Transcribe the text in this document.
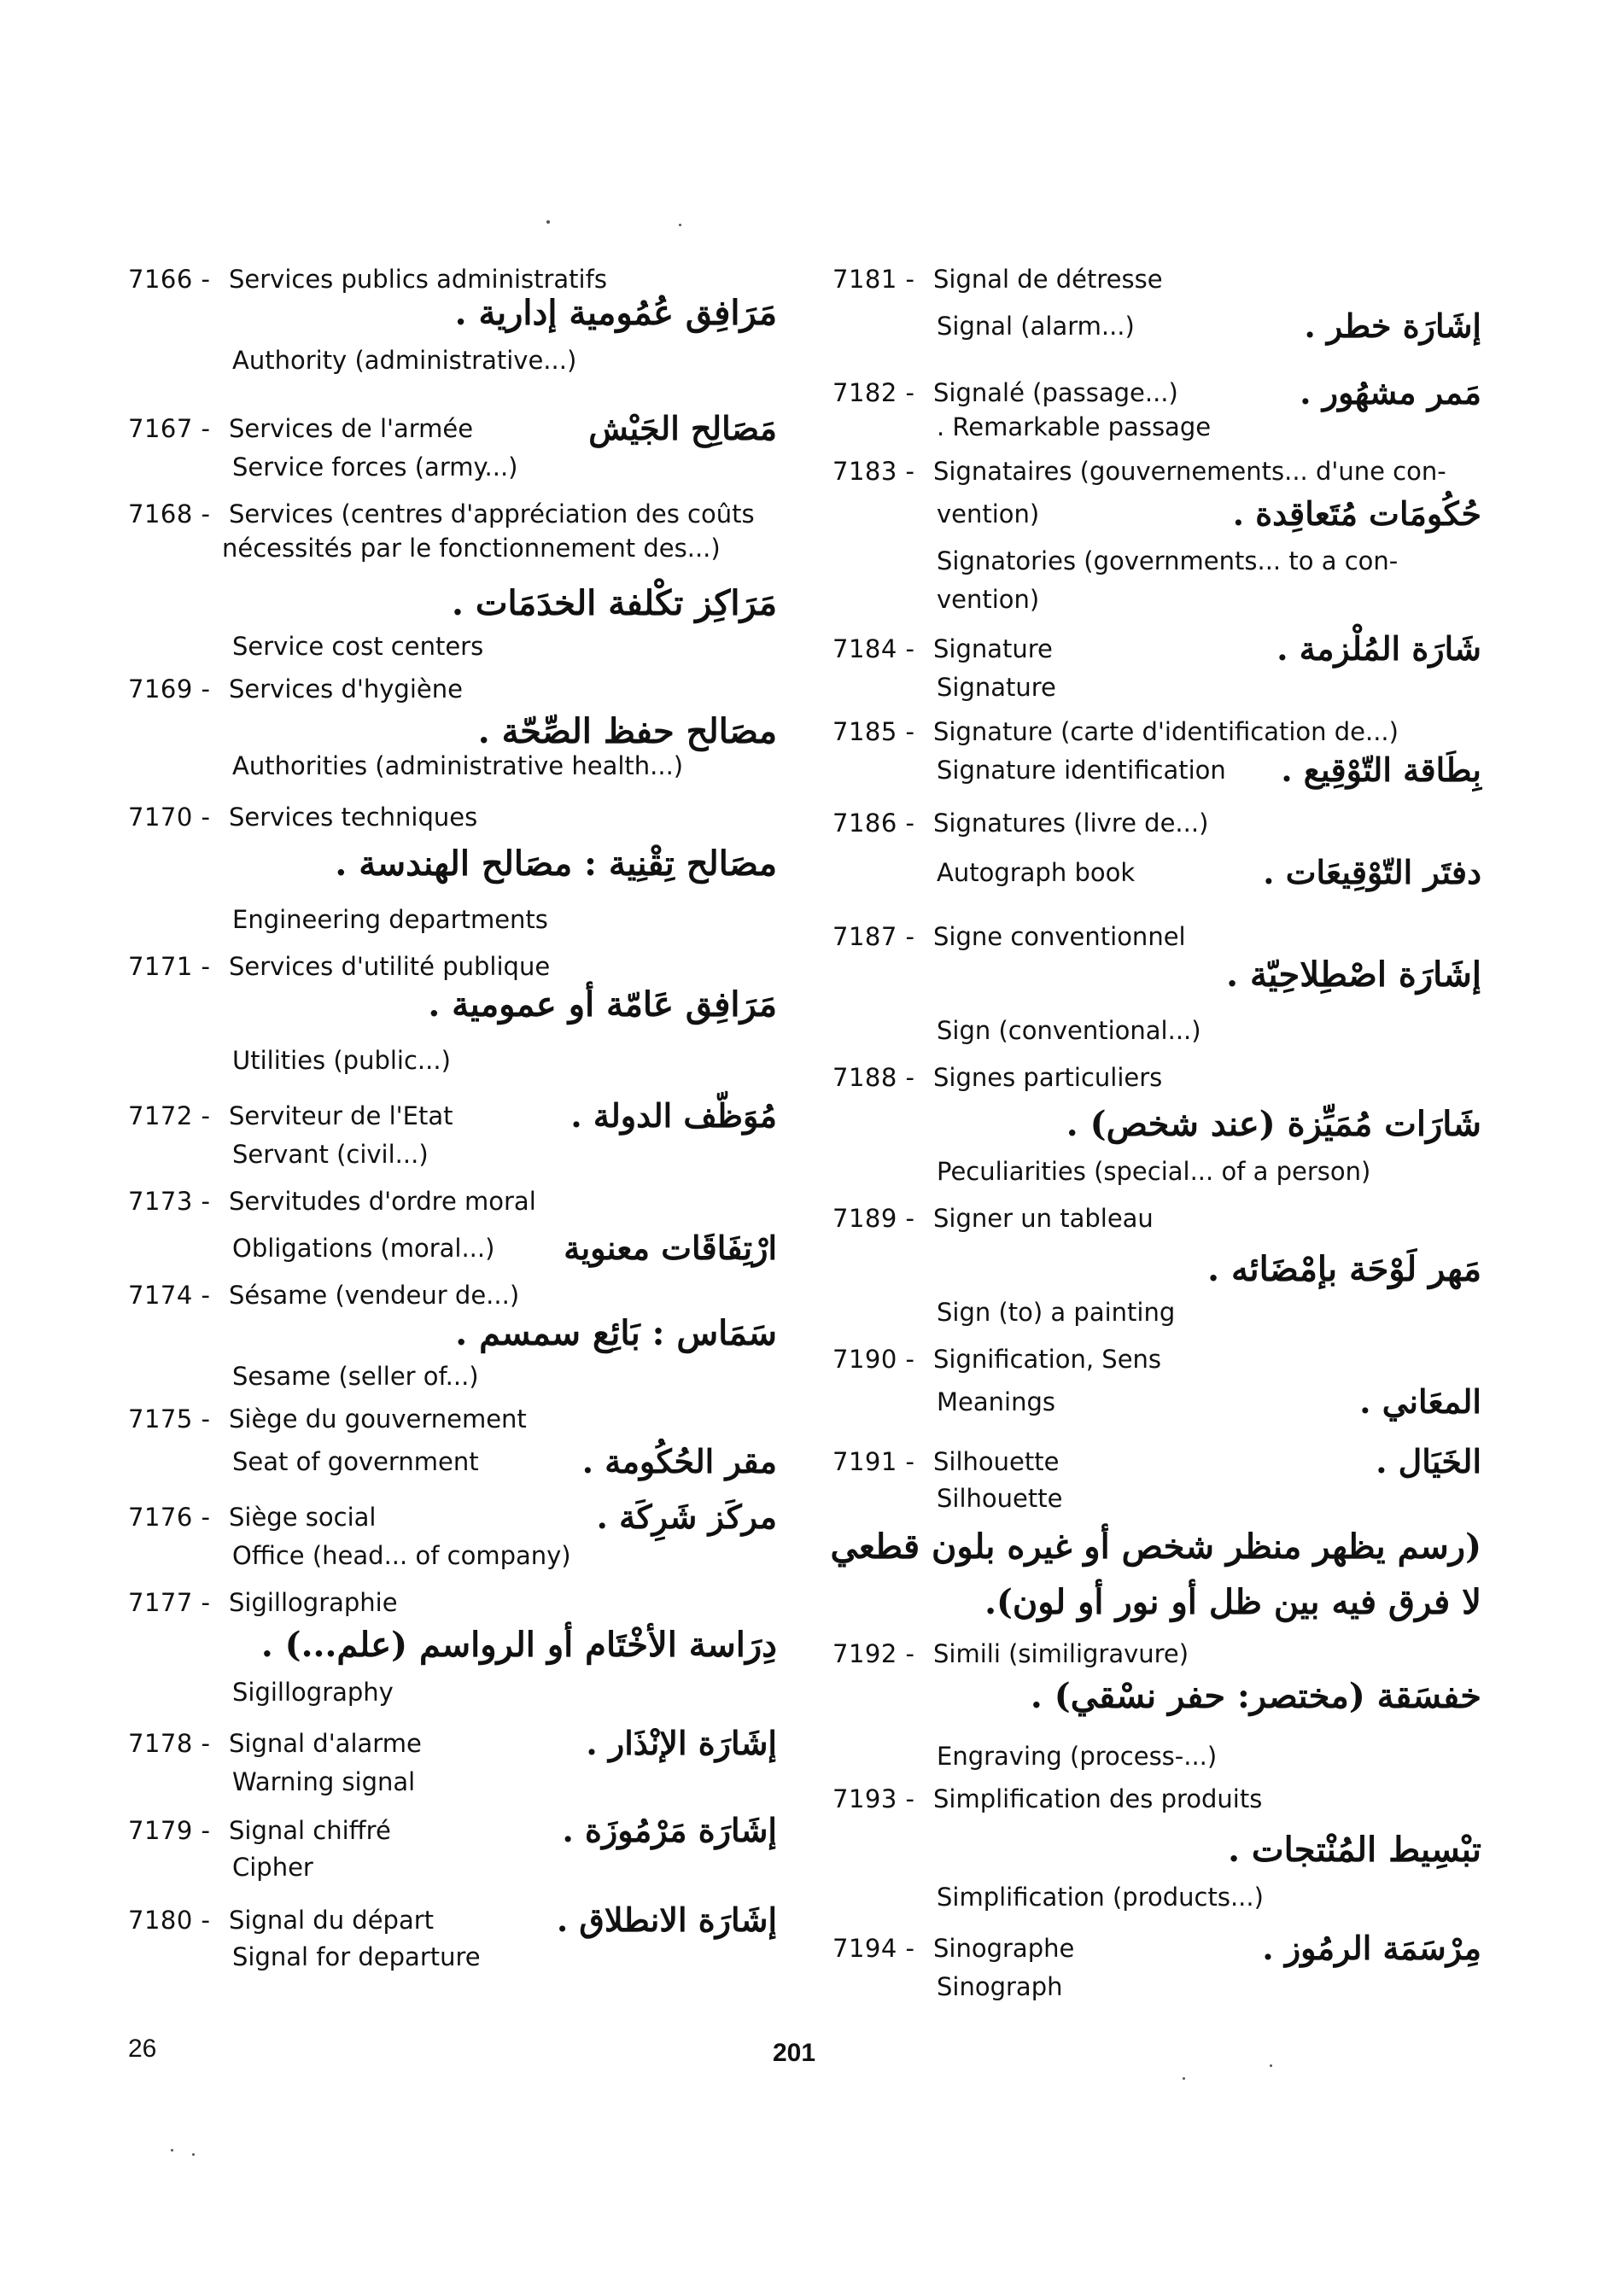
7166 - Services publics administratifs
مَرَافِق عُمُومية إدارية .
Authority (administrative...)
7167 - Services de l'armée	مَصَالِح الجَيْش
Service forces (army...)
7168 - Services (centres d'appréciation des coûts
nécessités par le fonctionnement des...)
مَرَاكِز تكْلفة الخدَمَات .
Service cost centers
7169 - Services d'hygiène
مصَالح حفظ الصِّحّة .
Authorities (administrative health...)
7170 - Services techniques
مصَالح تِقْنِية : مصَالح الهندسة .
Engineering departments
7171 - Services d'utilité publique
مَرَافِق عَامّة أو عمومية .
Utilities (public...)
7172 - Serviteur de l'Etat	مُوَظّف الدولة .
Servant (civil...)
7173 - Servitudes d'ordre moral
Obligations (moral...) ارْتِفَاقَات معنوية
7174 - Sésame (vendeur de...)
سَمَاس : بَائِع سمسم .
Sesame (seller of...)
7175 - Siège du gouvernement
Seat of government	مقر الحُكُومة .
7176 - Siège social	مركَز شَرِكَة .
Office (head... of company)
7177 - Sigillographie
دِرَاسة الأخْتَام أو الرواسم (علم...) .
Sigillography
7178 - Signal d'alarme	إشَارَة الإنْذَار .
Warning signal
7179 - Signal chiffré	إشَارَة مَرْمُوزَة .
Cipher
7180 - Signal du départ	إشَارَة الانطلاق .
Signal for departure
7181 - Signal de détresse
Signal (alarm...)	إشَارَة خطر .
7182 - Signalé (passage...)	مَمر مشهُور .
. Remarkable passage
7183 - Signataires (gouvernements... d'une con-
vention)	حُكُومَات مُتَعاقِدة .
Signatories (governments... to a con-
vention)
7184 - Signature	شَارَة المُلْزمة .
Signature
7185 - Signature (carte d'identification de...)
Signature identification بِطَاقة التّوْقِيع .
7186 - Signatures (livre de...)
Autograph book	دفتَر التّوْقِيعَات .
7187 - Signe conventionnel
إشَارَة اصْطِلاحِيّة .
Sign (conventional...)
7188 - Signes particuliers
شَارَات مُمَيِّزة (عند شخص) .
Peculiarities (special... of a person)
7189 - Signer un tableau
مَهر لَوْحَة بإمْضَائه .
Sign (to) a painting
7190 - Signification, Sens
Meanings	المعَاني .
7191 - Silhouette	الخَيَال .
Silhouette
(رسم يظهر منظر شخص أو غيره بلون قطعي
لا فرق فيه بين ظل أو نور أو لون).
7192 - Simili (similigravure)
خفسَقة (مختصر: حفر نسْقي) .
Engraving (process-...)
7193 - Simplification des produits
تبْسِيط المُنْتجات .
Simplification (products...)
7194 - Sinographe	مِرْسَمَة الرمُوز .
Sinograph
26	201
